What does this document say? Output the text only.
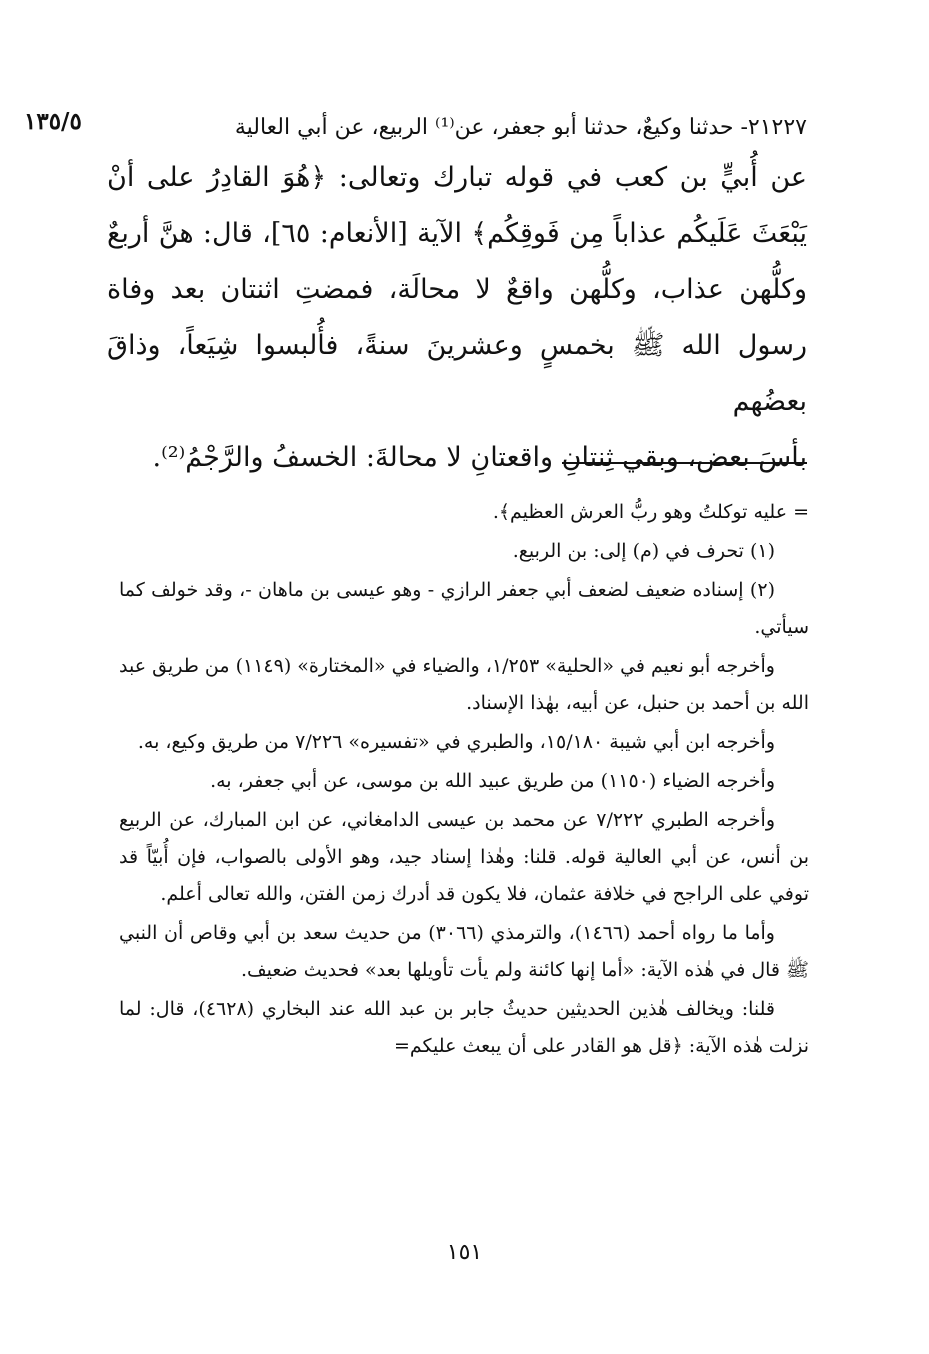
١٣٥/٥	٢١٢٢٧- حدثنا وكيعٌ، حدثنا أبو جعفر، عن⁽¹⁾ الربيع، عن أبي العالية

عن أُبيٍّ بن كعب في قوله تبارك وتعالى: ﴿هُوَ القادِرُ على أنْ

يَبْعَثَ عَلَيكُم عذاباً مِن فَوقِكُم﴾ الآية [الأنعام: ٦٥]، قال: هنَّ أربعٌ

وكلُّهن عذاب، وكلُّهن واقعٌ لا محالَة، فمضتِ اثنتان بعد وفاة

رسول الله ﷺ بخمسٍ وعشرينَ سنةً، فأُلبسوا شِيَعاً، وذاقَ بعضُهم

بأسَ بعض، وبقي ثِنتانِ واقعتانِ لا محالةَ: الخسفُ والرَّجْمُ⁽²⁾.

= عليه توكلتُ وهو ربُّ العرش العظيم﴾.

(١) تحرف في (م) إلى: بن الربيع.

(٢) إسناده ضعيف لضعف أبي جعفر الرازي - وهو عيسى بن ماهان -، وقد خولف كما سيأتي.

وأخرجه أبو نعيم في «الحلية» ١/٢٥٣، والضياء في «المختارة» (١١٤٩) من طريق عبد الله بن أحمد بن حنبل، عن أبيه، بهٰذا الإسناد.

وأخرجه ابن أبي شيبة ١٥/١٨٠، والطبري في «تفسيره» ٧/٢٢٦ من طريق وكيع، به.

وأخرجه الضياء (١١٥٠) من طريق عبيد الله بن موسى، عن أبي جعفر، به.

وأخرجه الطبري ٧/٢٢٢ عن محمد بن عيسى الدامغاني، عن ابن المبارك، عن الربيع بن أنس، عن أبي العالية قوله. قلنا: وهٰذا إسناد جيد، وهو الأولى بالصواب، فإن أُبيّاً قد توفي على الراجح في خلافة عثمان، فلا يكون قد أدرك زمن الفتن، والله تعالى أعلم.

وأما ما رواه أحمد (١٤٦٦)، والترمذي (٣٠٦٦) من حديث سعد بن أبي وقاص أن النبي ﷺ قال في هٰذه الآية: «أما إنها كائنة ولم يأت تأويلها بعد» فحديث ضعيف.

قلنا: ويخالف هٰذين الحديثين حديثُ جابر بن عبد الله عند البخاري (٤٦٢٨)، قال: لما نزلت هٰذه الآية: ﴿قل هو القادر على أن يبعث عليكم=

١٥١
